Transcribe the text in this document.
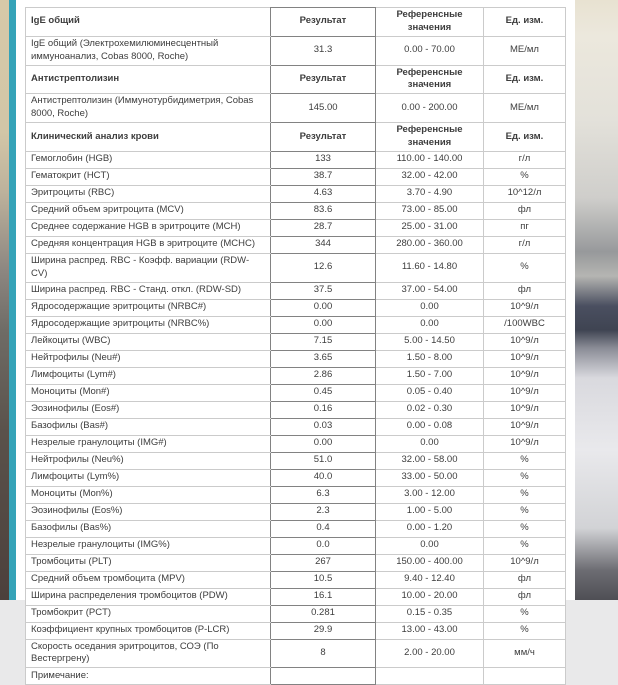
IgE общий	Результат	Референсные значения	Ед. изм.
IgE общий (Электрохемилюминесцентный иммуноанализ, Cobas 8000, Roche)	31.3	0.00 - 70.00	МЕ/мл
Антистрептолизин	Результат	Референсные значения	Ед. изм.
Антистрептолизин (Иммунотурбидиметрия, Cobas 8000, Roche)	145.00	0.00 - 200.00	МЕ/мл
Клинический анализ крови	Результат	Референсные значения	Ед. изм.
Гемоглобин (HGB)	133	110.00 - 140.00	г/л
Гематокрит (HCT)	38.7	32.00 - 42.00	%
Эритроциты (RBC)	4.63	3.70 - 4.90	10^12/л
Средний объем эритроцита (MCV)	83.6	73.00 - 85.00	фл
Среднее содержание HGB в эритроците (MCH)	28.7	25.00 - 31.00	пг
Средняя концентрация HGB в эритроците (MCHC)	344	280.00 - 360.00	г/л
Ширина распред. RBC - Коэфф. вариации (RDW-CV)	12.6	11.60 - 14.80	%
Ширина распред. RBC - Станд. откл. (RDW-SD)	37.5	37.00 - 54.00	фл
Ядросодержащие эритроциты (NRBC#)	0.00	0.00	10^9/л
Ядросодержащие эритроциты (NRBC%)	0.00	0.00	/100WBC
Лейкоциты (WBC)	7.15	5.00 - 14.50	10^9/л
Нейтрофилы (Neu#)	3.65	1.50 - 8.00	10^9/л
Лимфоциты (Lym#)	2.86	1.50 - 7.00	10^9/л
Моноциты (Mon#)	0.45	0.05 - 0.40	10^9/л
Эозинофилы (Eos#)	0.16	0.02 - 0.30	10^9/л
Базофилы (Bas#)	0.03	0.00 - 0.08	10^9/л
Незрелые гранулоциты (IMG#)	0.00	0.00	10^9/л
Нейтрофилы (Neu%)	51.0	32.00 - 58.00	%
Лимфоциты (Lym%)	40.0	33.00 - 50.00	%
Моноциты (Mon%)	6.3	3.00 - 12.00	%
Эозинофилы (Eos%)	2.3	1.00 - 5.00	%
Базофилы (Bas%)	0.4	0.00 - 1.20	%
Незрелые гранулоциты (IMG%)	0.0	0.00	%
Тромбоциты (PLT)	267	150.00 - 400.00	10^9/л
Средний объем тромбоцита (MPV)	10.5	9.40 - 12.40	фл
Ширина распределения тромбоцитов (PDW)	16.1	10.00 - 20.00	фл
Тромбокрит (PCT)	0.281	0.15 - 0.35	%
Коэффициент крупных тромбоцитов (P-LCR)	29.9	13.00 - 43.00	%
Скорость оседания эритроцитов, СОЭ (По Вестергрену)	8	2.00 - 20.00	мм/ч
Примечание:			
